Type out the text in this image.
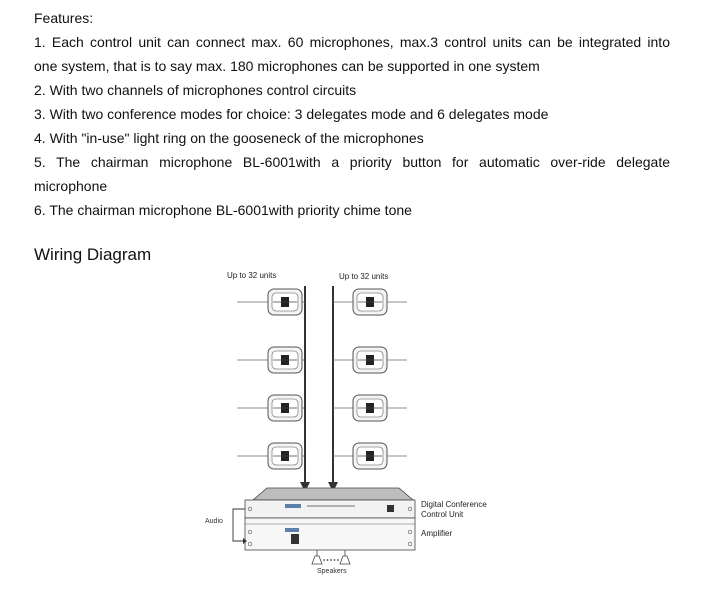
Features:

1. Each control unit can connect max. 60 microphones, max.3 control units can be integrated into

one system, that is to say max. 180 microphones can be supported in one system

2. With two channels of microphones control circuits

3. With two conference modes for choice: 3 delegates mode and 6 delegates mode

4. With "in-use" light ring on the gooseneck of the microphones

5. The chairman microphone BL-6001with a priority button for automatic over-ride delegate

microphone

6. The chairman microphone BL-6001with priority chime tone

Wiring Diagram
Up to 32 units	Up to 32 units
Audio
Speakers
Digital Conference
Control Unit
Amplifier
